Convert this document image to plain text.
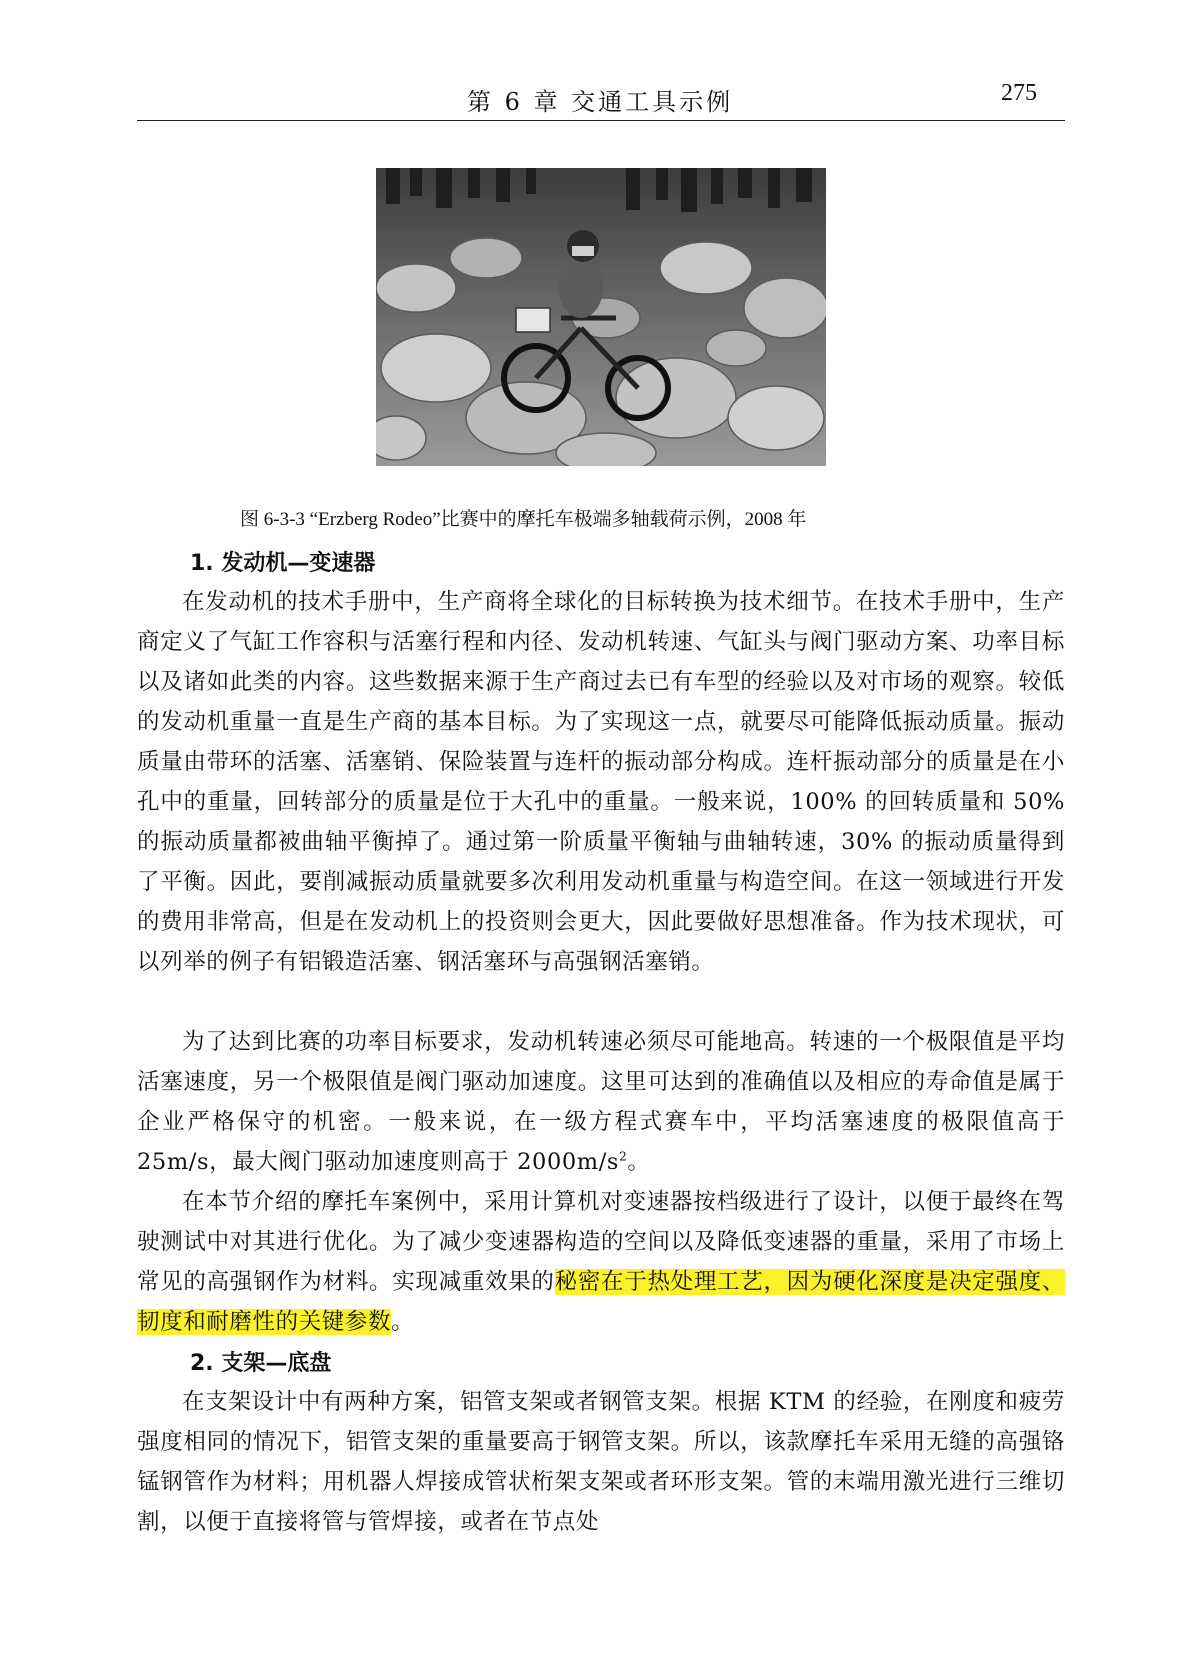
第 6 章 交通工具示例	275
图 6-3-3 “Erzberg Rodeo”比赛中的摩托车极端多轴载荷示例，2008 年
1. 发动机—变速器

在发动机的技术手册中，生产商将全球化的目标转换为技术细节。在技术手册中，生产商定义了气缸工作容积与活塞行程和内径、发动机转速、气缸头与阀门驱动方案、功率目标以及诸如此类的内容。这些数据来源于生产商过去已有车型的经验以及对市场的观察。较低的发动机重量一直是生产商的基本目标。为了实现这一点，就要尽可能降低振动质量。振动质量由带环的活塞、活塞销、保险装置与连杆的振动部分构成。连杆振动部分的质量是在小孔中的重量，回转部分的质量是位于大孔中的重量。一般来说，100% 的回转质量和 50% 的振动质量都被曲轴平衡掉了。通过第一阶质量平衡轴与曲轴转速，30% 的振动质量得到了平衡。因此，要削减振动质量就要多次利用发动机重量与构造空间。在这一领域进行开发的费用非常高，但是在发动机上的投资则会更大，因此要做好思想准备。作为技术现状，可以列举的例子有铝锻造活塞、钢活塞环与高强钢活塞销。

为了达到比赛的功率目标要求，发动机转速必须尽可能地高。转速的一个极限值是平均活塞速度，另一个极限值是阀门驱动加速度。这里可达到的准确值以及相应的寿命值是属于企业严格保守的机密。一般来说，在一级方程式赛车中，平均活塞速度的极限值高于 25m/s，最大阀门驱动加速度则高于 $2000m/s^2$。

在本节介绍的摩托车案例中，采用计算机对变速器按档级进行了设计，以便于最终在驾驶测试中对其进行优化。为了减少变速器构造的空间以及降低变速器的重量，采用了市场上常见的高强钢作为材料。实现减重效果的秘密在于热处理工艺，因为硬化深度是决定强度、韧度和耐磨性的关键参数。

2. 支架—底盘

在支架设计中有两种方案，铝管支架或者钢管支架。根据 KTM 的经验，在刚度和疲劳强度相同的情况下，铝管支架的重量要高于钢管支架。所以，该款摩托车采用无缝的高强铬锰钢管作为材料；用机器人焊接成管状桁架支架或者环形支架。管的末端用激光进行三维切割，以便于直接将管与管焊接，或者在节点处
